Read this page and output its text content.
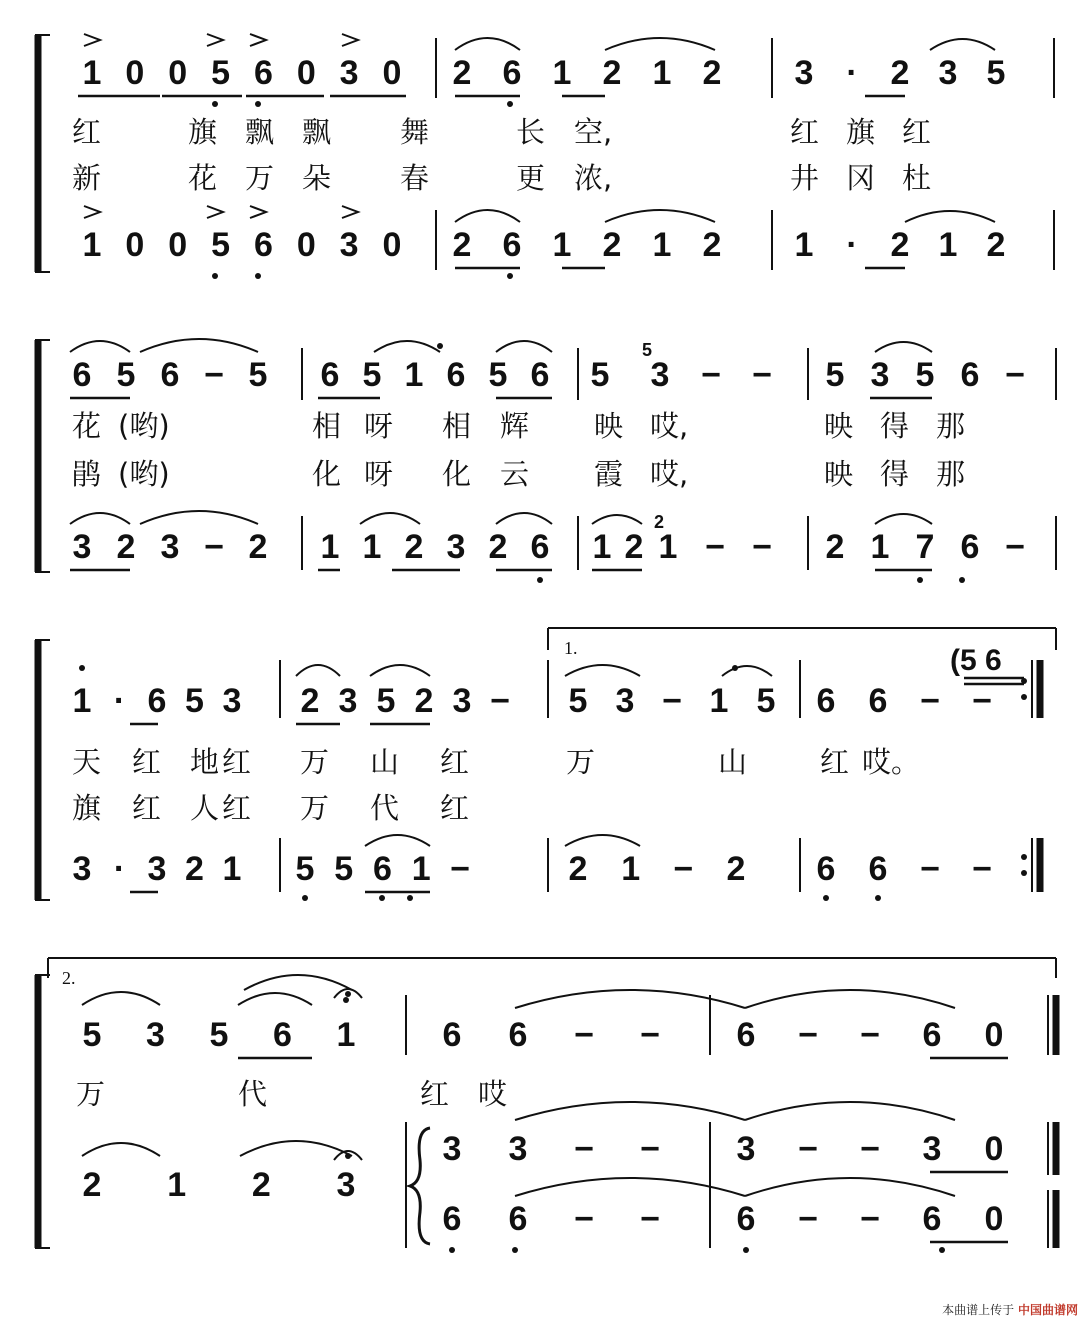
1 0 0 5 6 0 3 0 2 6 1 2 1 2 3 · 2 3 5
红	旗 飘 飘 舞	长 空,	红 旗 红
新	花 万 朵 春	更 浓,	井 冈 杜
1 0 0 5 6 0 3 0 2 6 1 2 1 2 1 · 2 1 2
6 5 6 − 5 6 5 1 6 5 6 5
5
3 − − 5 3 5 6 −
花 (哟)	相 呀 相 辉 映 哎,	映 得 那
鹃 (哟)	化 呀 化 云 霞 哎,	映 得 那
3 2 3 − 2 1 1 2 3 2 6 1 2
2
1 − − 2 1 7 6 −
1.
1 · 6 5 3 2 3 5 2 3 − 5 3 − 1 5 6 6 − −
(5 6
天 红 地 红 万 山 红	万	山	红 哎。
旗 红 人 红 万 代 红
3 · 3 2 1 5 5 6 1 −	2 1 − 2 6 6 − −
2.
5 3 5 6 1	6 6 − − 6 − − 6 0
万	代	红 哎
2 1 2 3
3 3 − − 3 − − 3 0
6 6 − − 6 − − 6 0
本曲谱上传于 中国曲谱网
